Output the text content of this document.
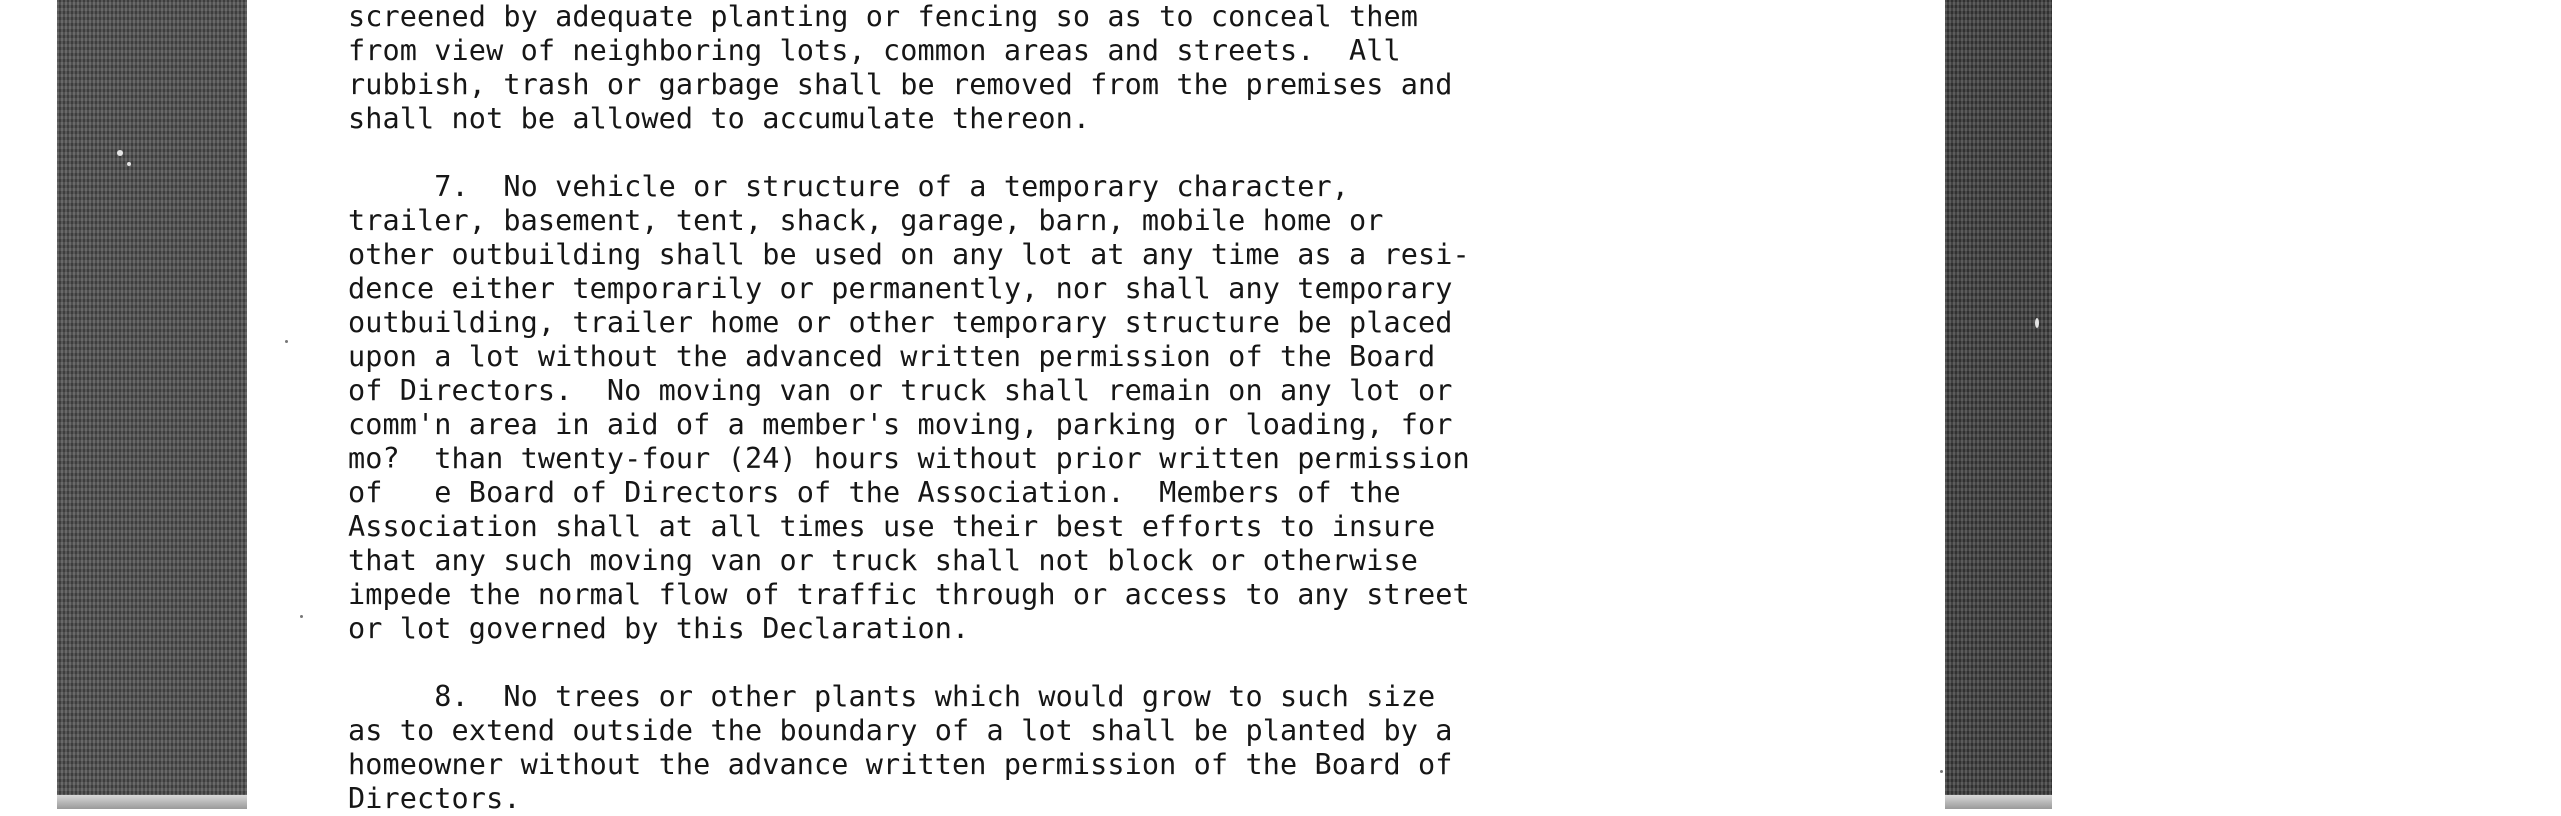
screened by adequate planting or fencing so as to conceal them
from view of neighboring lots, common areas and streets.  All
rubbish, trash or garbage shall be removed from the premises and
shall not be allowed to accumulate thereon.
7.  No vehicle or structure of a temporary character,
trailer, basement, tent, shack, garage, barn, mobile home or
other outbuilding shall be used on any lot at any time as a resi-
dence either temporarily or permanently, nor shall any temporary
outbuilding, trailer home or other temporary structure be placed
upon a lot without the advanced written permission of the Board
of Directors.  No moving van or truck shall remain on any lot or
comm'n area in aid of a member's moving, parking or loading, for
mo?  than twenty-four (24) hours without prior written permission
of   e Board of Directors of the Association.  Members of the
Association shall at all times use their best efforts to insure
that any such moving van or truck shall not block or otherwise
impede the normal flow of traffic through or access to any street
or lot governed by this Declaration.
8.  No trees or other plants which would grow to such size
as to extend outside the boundary of a lot shall be planted by a
homeowner without the advance written permission of the Board of
Directors.
